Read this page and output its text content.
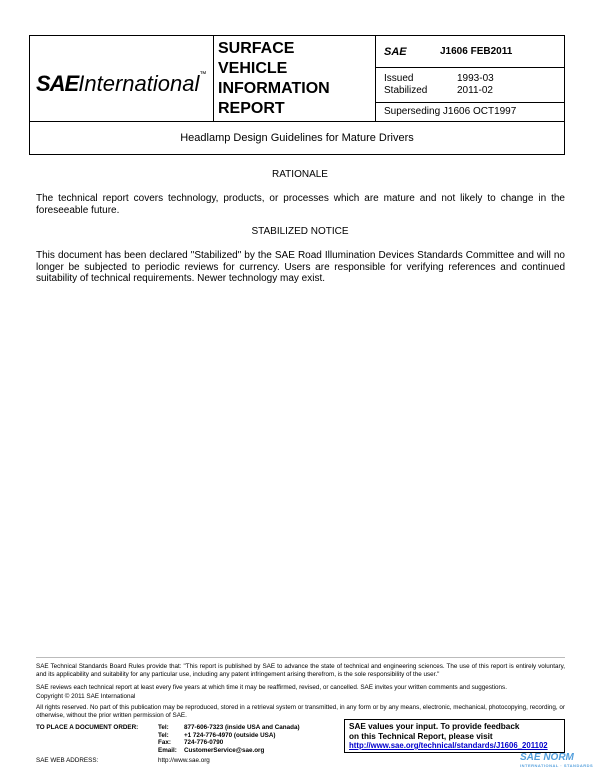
SAEInternational™
SURFACE
VEHICLE
INFORMATION
REPORT
SAE	J1606 FEB2011
Issued	1993-03
Stabilized	2011-02
Superseding J1606 OCT1997
Headlamp Design Guidelines for Mature Drivers
RATIONALE
The technical report covers technology, products, or processes which are mature and not likely to change in the foreseeable future.
STABILIZED NOTICE
This document has been declared "Stabilized" by the SAE Road Illumination Devices Standards Committee and will no longer be subjected to periodic reviews for currency. Users are responsible for verifying references and continued suitability of technical requirements. Newer technology may exist.
SAE Technical Standards Board Rules provide that: "This report is published by SAE to advance the state of technical and engineering sciences. The use of this report is entirely voluntary, and its applicability and suitability for any particular use, including any patent infringement arising therefrom, is the sole responsibility of the user."
SAE reviews each technical report at least every five years at which time it may be reaffirmed, revised, or cancelled. SAE invites your written comments and suggestions.
Copyright © 2011 SAE International
All rights reserved. No part of this publication may be reproduced, stored in a retrieval system or transmitted, in any form or by any means, electronic, mechanical, photocopying, recording, or otherwise, without the prior written permission of SAE.
TO PLACE A DOCUMENT ORDER:	Tel: 877-606-7323 (inside USA and Canada)
Tel: +1 724-776-4970 (outside USA)
Fax: 724-776-0790
Email: CustomerService@sae.org
SAE values your input. To provide feedback
on this Technical Report, please visit
http://www.sae.org/technical/standards/J1606_201102
SAE WEB ADDRESS:	http://www.sae.org	SAE NORM
INTERNATIONAL · STANDARDS
